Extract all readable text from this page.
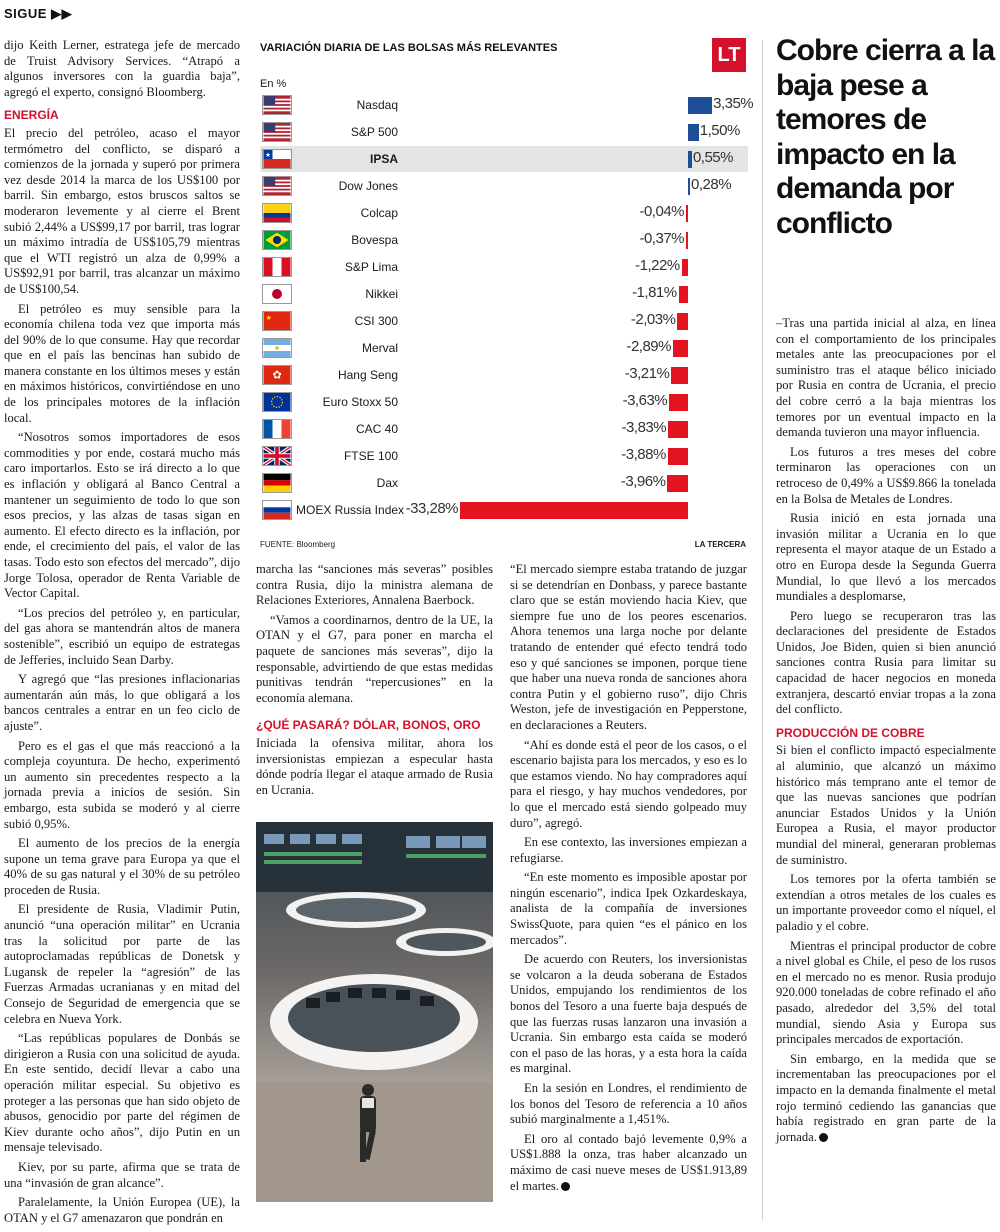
SIGUE ▶▶

dijo Keith Lerner, estratega jefe de mercado de Truist Advisory Services. “Atrapó a algunos inversores con la guardia baja”, agregó el experto, consignó Bloomberg.

ENERGÍA

El precio del petróleo, acaso el mayor termómetro del conflicto, se disparó a comienzos de la jornada y superó por primera vez desde 2014 la marca de los US$100 por barril. Sin embargo, estos bruscos saltos se moderaron levemente y al cierre el Brent subió 2,44% a US$99,17 por barril, tras lograr un máximo intradía de US$105,79 mientras que el WTI registró un alza de 0,99% a US$92,91 por barril, tras alcanzar un máximo de US$100,54.

El petróleo es muy sensible para la economía chilena toda vez que importa más del 90% de lo que consume. Hay que recordar que en el país las bencinas han subido de manera constante en los últimos meses y están en máximos históricos, convirtiéndose en uno de los principales motores de la inflación local.

“Nosotros somos importadores de esos commodities y por ende, costará mucho más caro importarlos. Esto se irá directo a lo que es inflación y obligará al Banco Central a mantener un seguimiento de todo lo que son esos precios, y las alzas de tasas sigan en aumento. El efecto directo es la inflación, por ende, el crecimiento del país, el valor de las tasas. Todo esto son efectos del mercado”, dijo Jorge Tolosa, operador de Renta Variable de Vector Capital.

“Los precios del petróleo y, en particular, del gas ahora se mantendrán altos de manera sostenible”, escribió un equipo de estrategas de Jefferies, incluido Sean Darby.

Y agregó que “las presiones inflacionarias aumentarán aún más, lo que obligará a los bancos centrales a entrar en un feo ciclo de ajuste”.

Pero es el gas el que más reaccionó a la compleja coyuntura. De hecho, experimentó un aumento sin precedentes respecto a la jornada previa a inicios de sesión. Sin embargo, esta subida se moderó y al cierre subió 0,95%.

El aumento de los precios de la energía supone un tema grave para Europa ya que el 40% de su gas natural y el 30% de su petróleo proceden de Rusia.

El presidente de Rusia, Vladimir Putin, anunció “una operación militar” en Ucrania tras la solicitud por parte de las autoproclamadas repúblicas de Donetsk y Lugansk de repeler la “agresión” de las Fuerzas Armadas ucranianas y en mitad del Consejo de Seguridad de emergencia que se celebra en Nueva York.

“Las repúblicas populares de Donbás se dirigieron a Rusia con una solicitud de ayuda. En este sentido, decidí llevar a cabo una operación militar especial. Su objetivo es proteger a las personas que han sido objeto de abusos, genocidio por parte del régimen de Kiev durante ocho años”, dijo Putin en un mensaje televisado.

Kiev, por su parte, afirma que se trata de una “invasión de gran alcance”.

Paralelamente, la Unión Europea (UE), la OTAN y el G7 amenazaron que pondrán en

VARIACIÓN DIARIA DE LAS BOLSAS MÁS RELEVANTES	LT
En %
Nasdaq	3,35%
S&P 500	1,50%
★	IPSA	0,55%
Dow Jones	0,28%
Colcap	-0,04%
Bovespa	-0,37%
S&P Lima	-1,22%
Nikkei	-1,81%
★	CSI 300	-2,03%
Merval	-2,89%
✿	Hang Seng	-3,21%
Euro Stoxx 50	-3,63%
CAC 40	-3,83%
FTSE 100	-3,88%
Dax	-3,96%
MOEX Russia Index -33,28%
FUENTE: Bloomberg	LA TERCERA

marcha las “sanciones más severas” posibles contra Rusia, dijo la ministra alemana de Relaciones Exteriores, Annalena Baerbock.

“Vamos a coordinarnos, dentro de la UE, la OTAN y el G7, para poner en marcha el paquete de sanciones más severas”, dijo la responsable, advirtiendo de que estas medidas punitivas tendrán “repercusiones” en la economía alemana.

¿QUÉ PASARÁ? DÓLAR, BONOS, ORO

Iniciada la ofensiva militar, ahora los inversionistas empiezan a especular hasta dónde podría llegar el ataque armado de Rusia en Ucrania.

“El mercado siempre estaba tratando de juzgar si se detendrían en Donbass, y parece bastante claro que se están moviendo hacia Kiev, que siempre fue uno de los peores escenarios. Ahora tenemos una larga noche por delante tratando de entender qué efecto tendrá todo eso y qué sanciones se imponen, porque tiene que haber una nueva ronda de sanciones ahora contra Putin y el gobierno ruso”, dijo Chris Weston, jefe de investigación en Pepperstone, en declaraciones a Reuters.

“Ahí es donde está el peor de los casos, o el escenario bajista para los mercados, y eso es lo que estamos viendo. No hay compradores aquí para el riesgo, y hay muchos vendedores, por lo que el mercado está siendo golpeado muy duro”, agregó.

En ese contexto, las inversiones empiezan a refugiarse.

“En este momento es imposible apostar por ningún escenario”, indica Ipek Ozkardeskaya, analista de la compañía de inversiones SwissQuote, para quien “es el pánico en los mercados”.

De acuerdo con Reuters, los inversionistas se volcaron a la deuda soberana de Estados Unidos, empujando los rendimientos de los bonos del Tesoro a una fuerte baja después de que las fuerzas rusas lanzaron una invasión a Ucrania. Sin embargo esta caída se moderó con el paso de las horas, y a esta hora la caída es marginal.

En la sesión en Londres, el rendimiento de los bonos del Tesoro de referencia a 10 años subió marginalmente a 1,451%.

El oro al contado bajó levemente 0,9% a US$1.888 la onza, tras haber alcanzado un máximo de casi nueve meses de US$1.913,89 el martes.

Cobre cierra a la baja pese a temores de impacto en la demanda por conflicto

–Tras una partida inicial al alza, en línea con el comportamiento de los principales metales ante las preocupaciones por el suministro tras el ataque bélico iniciado por Rusia en contra de Ucrania, el precio del cobre cerró a la baja mientras los temores por un eventual impacto en la demanda tuvieron una mayor influencia.

Los futuros a tres meses del cobre terminaron las operaciones con un retroceso de 0,49% a US$9.866 la tonelada en la Bolsa de Metales de Londres.

Rusia inició en esta jornada una invasión militar a Ucrania en lo que representa el mayor ataque de un Estado a otro en Europa desde la Segunda Guerra Mundial, lo que llevó a los mercados mundiales a desplomarse,

Pero luego se recuperaron tras las declaraciones del presidente de Estados Unidos, Joe Biden, quien si bien anunció sanciones contra Rusia para limitar su capacidad de hacer negocios en moneda extranjera, descartó enviar tropas a la zona del conflicto.

PRODUCCIÓN DE COBRE

Si bien el conflicto impactó especialmente al aluminio, que alcanzó un máximo histórico más temprano ante el temor de que las nuevas sanciones que podrían anunciar Estados Unidos y la Unión Europea a Rusia, el mayor productor mundial del mineral, generaran problemas de suministro.

Los temores por la oferta también se extendían a otros metales de los cuales es un importante proveedor como el níquel, el paladio y el cobre.

Mientras el principal productor de cobre a nivel global es Chile, el peso de los rusos en el mercado no es menor. Rusia produjo 920.000 toneladas de cobre refinado el año pasado, alrededor del 3,5% del total mundial, siendo Asia y Europa sus principales mercados de exportación.

Sin embargo, en la medida que se incrementaban las preocupaciones por el impacto en la demanda finalmente el metal rojo terminó cediendo las ganancias que había registrado en gran parte de la jornada.
